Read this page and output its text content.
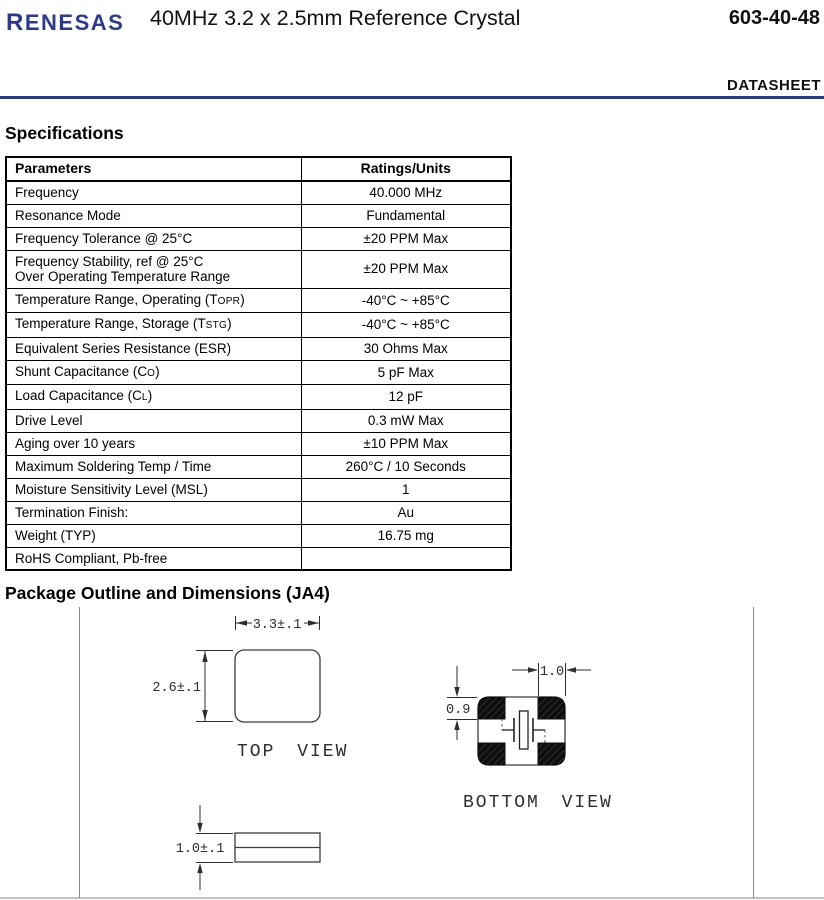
RENESAS 40MHz 3.2 x 2.5mm Reference Crystal	603-40-48
DATASHEET
Specifications
Parameters	Ratings/Units
Frequency	40.000 MHz
Resonance Mode	Fundamental
Frequency Tolerance @ 25°C	±20 PPM Max
Frequency Stability, ref @ 25°C
Over Operating Temperature Range	±20 PPM Max
Temperature Range, Operating (TOPR)	-40°C ~ +85°C
Temperature Range, Storage (TSTG)	-40°C ~ +85°C
Equivalent Series Resistance (ESR)	30 Ohms Max
Shunt Capacitance (CO)	5 pF Max
Load Capacitance (CL)	12 pF
Drive Level	0.3 mW Max
Aging over 10 years	±10 PPM Max
Maximum Soldering Temp / Time	260°C / 10 Seconds
Moisture Sensitivity Level (MSL)	1
Termination Finish:	Au
Weight (TYP)	16.75 mg
RoHS Compliant, Pb-free	
Package Outline and Dimensions (JA4)
3.3±.1
2.6±.1
TOP VIEW
1.0
0.9
BOTTOM VIEW
1.0±.1
